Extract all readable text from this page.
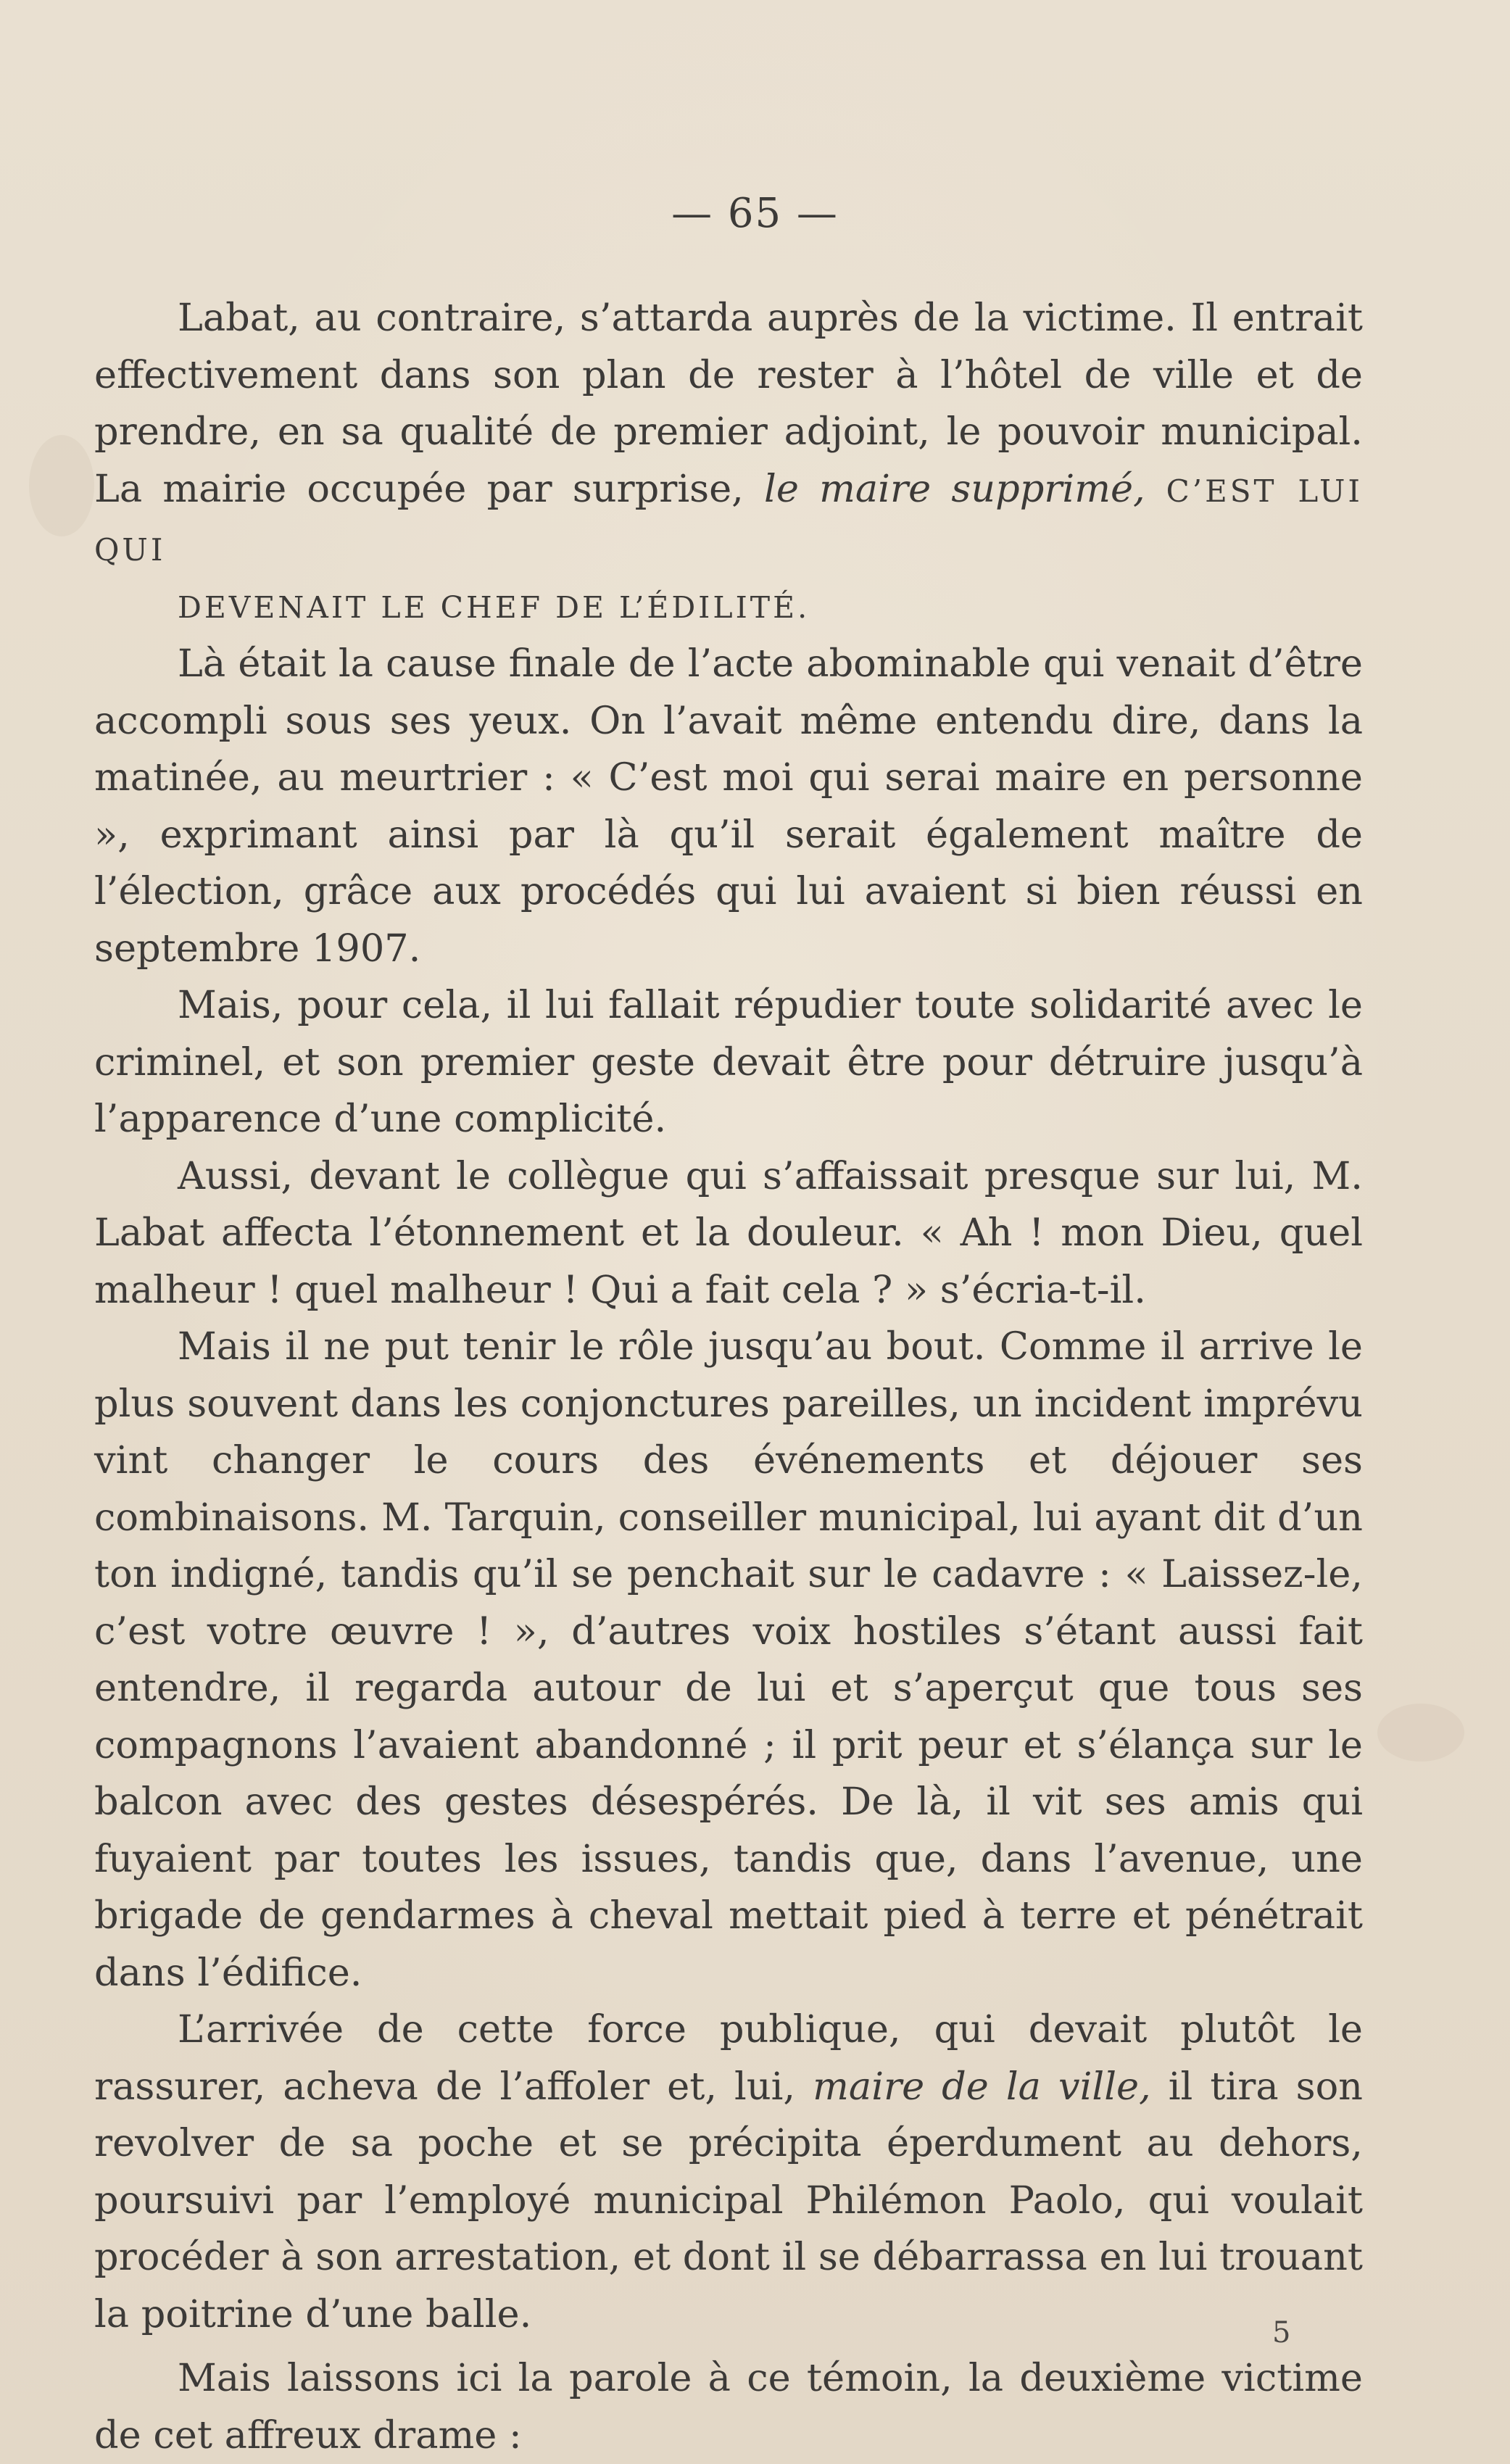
— 65 —

Labat, au contraire, s’attarda auprès de la victime. Il entrait effectivement dans son plan de rester à l’hôtel de ville et de prendre, en sa qualité de premier adjoint, le pouvoir municipal. La mairie occupée par surprise, le maire supprimé, C’EST LUI QUI
DEVENAIT LE CHEF DE L’ÉDILITÉ.

Là était la cause finale de l’acte abominable qui venait d’être accompli sous ses yeux. On l’avait même entendu dire, dans la matinée, au meurtrier : « C’est moi qui serai maire en personne », exprimant ainsi par là qu’il serait également maître de l’élection, grâce aux procédés qui lui avaient si bien réussi en septembre 1907.

Mais, pour cela, il lui fallait répudier toute solidarité avec le criminel, et son premier geste devait être pour détruire jusqu’à l’apparence d’une complicité.

Aussi, devant le collègue qui s’affaissait presque sur lui, M. Labat affecta l’étonnement et la douleur. « Ah ! mon Dieu, quel malheur ! quel malheur ! Qui a fait cela ? » s’écria-t-il.

Mais il ne put tenir le rôle jusqu’au bout. Comme il arrive le plus souvent dans les conjonctures pareilles, un incident imprévu vint changer le cours des événements et déjouer ses combinaisons. M. Tarquin, conseiller municipal, lui ayant dit d’un ton indigné, tandis qu’il se penchait sur le cadavre : « Laissez-le, c’est votre œuvre ! », d’autres voix hostiles s’étant aussi fait entendre, il regarda autour de lui et s’aperçut que tous ses compagnons l’avaient abandonné ; il prit peur et s’élança sur le balcon avec des gestes désespérés. De là, il vit ses amis qui fuyaient par toutes les issues, tandis que, dans l’avenue, une brigade de gendarmes à cheval mettait pied à terre et pénétrait dans l’édifice.

L’arrivée de cette force publique, qui devait plutôt le rassurer, acheva de l’affoler et, lui, maire de la ville, il tira son revolver de sa poche et se précipita éperdument au dehors, poursuivi par l’employé municipal Philémon Paolo, qui voulait procéder à son arrestation, et dont il se débarrassa en lui trouant la poitrine d’une balle.

Mais laissons ici la parole à ce témoin, la deuxième victime de cet affreux drame :

5
